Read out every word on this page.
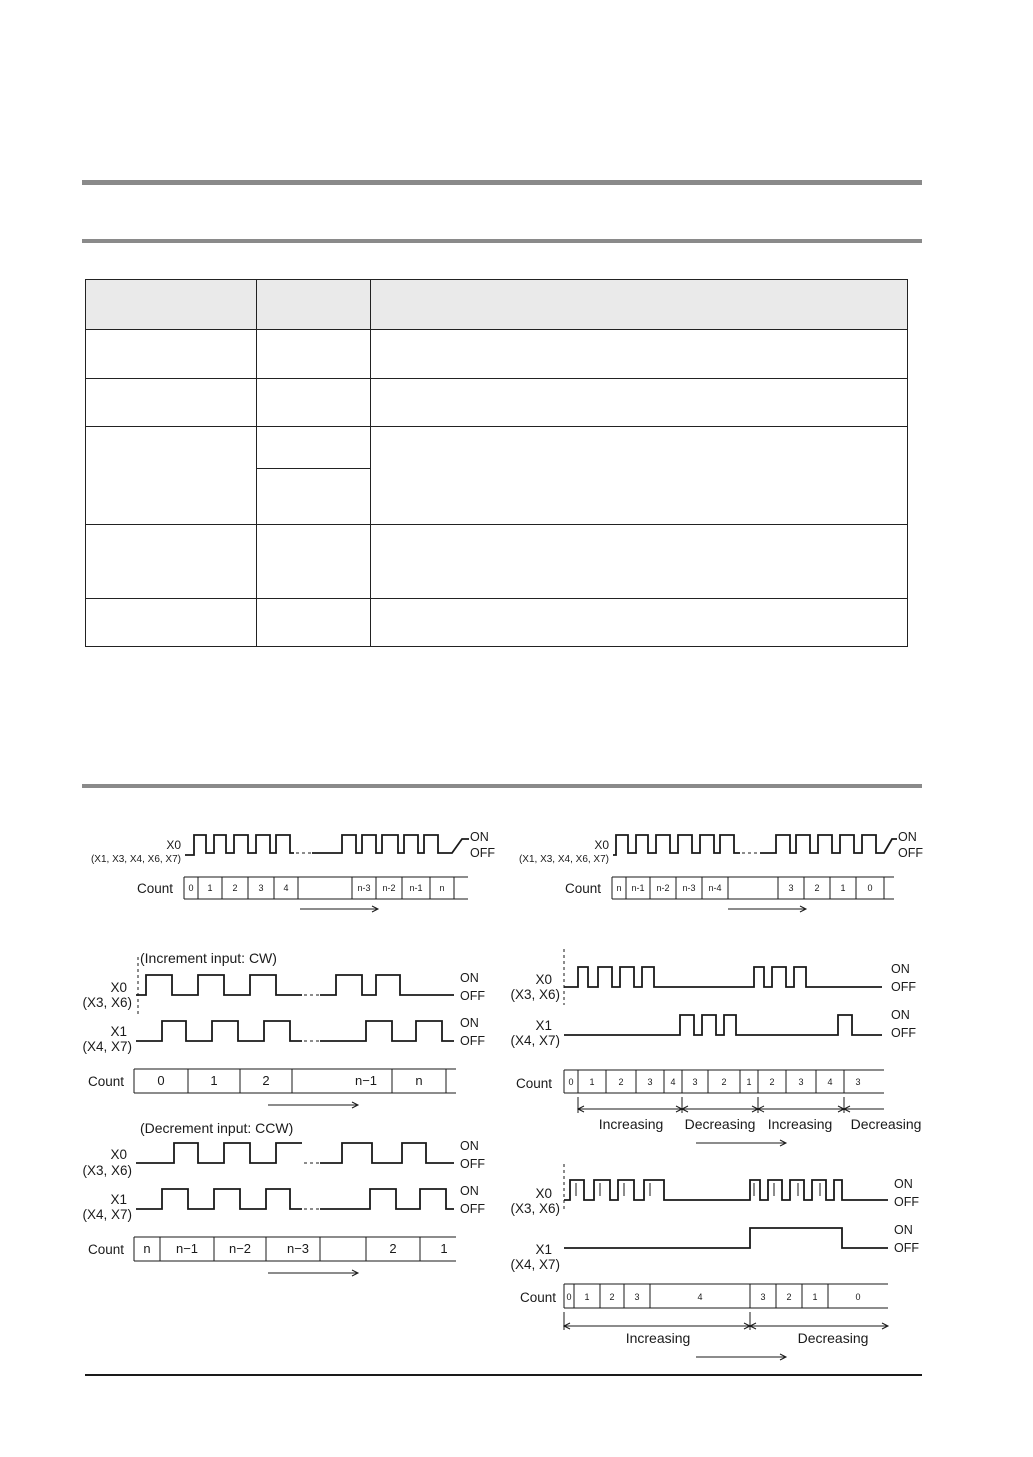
X0
(X1, X3, X4, X6, X7)
ON
OFF
Count 0 1 2 3 4	n-3 n-2 n-1 n
X0
(X1, X3, X4, X6, X7)
ON
OFF
Count n n-1 n-2 n-3 n-4	3 2 1 0
(Increment input: CW)
X0
(X3, X6)
ON
OFF
X1
(X4, X7)
ON
OFF
Count	0	1	2	n−1	n
(Decrement input: CCW)
X0
(X3, X6)
ON
OFF
X1
(X4, X7)
ON
OFF
Count n n−1 n−2	n−3	2	1
X0
(X3, X6)
ON
OFF
X1
(X4, X7)
ON
OFF
Count 0 1	2	3 4 3	2 1 2	3	4	3
Increasing Decreasing Increasing Decreasing
X0
(X3, X6)
ON
OFF
X1
(X4, X7)
ON
OFF
Count 0 1 2 3	4	3 2 1	0
Increasing	Decreasing
